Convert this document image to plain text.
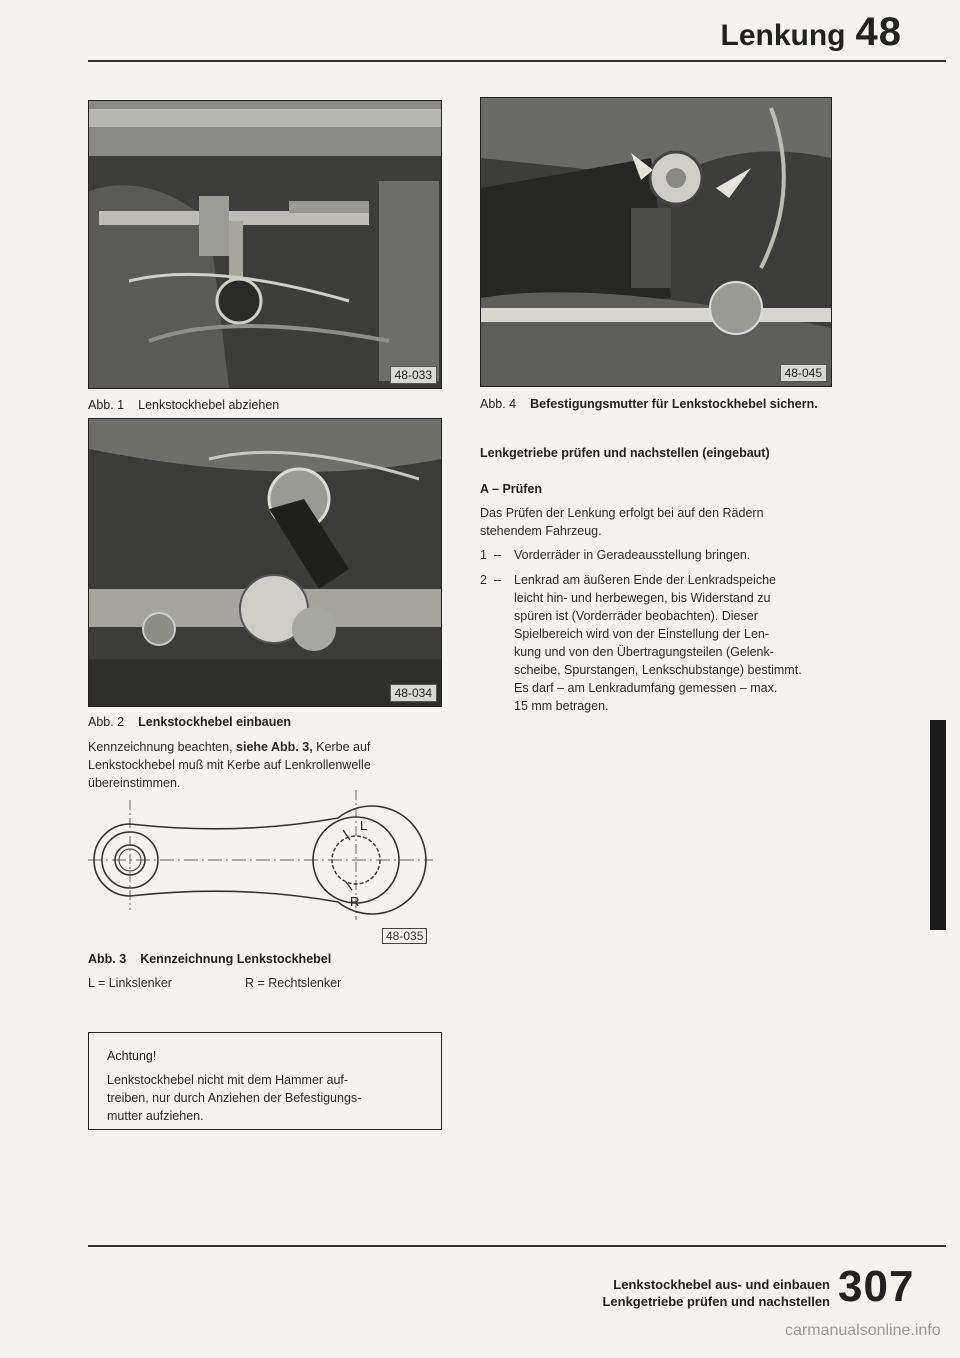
Lenkung 48
48-033
Abb. 1 Lenkstockhebel abziehen
48-034
Abb. 2 Lenkstockhebel einbauen
Kennzeichnung beachten, siehe Abb. 3, Kerbe auf
Lenkstockhebel muß mit Kerbe auf Lenkrollenwelle
übereinstimmen.
L
R
48-035
Abb. 3 Kennzeichnung Lenkstockhebel
L = Linkslenker	R = Rechtslenker
Achtung!
Lenkstockhebel nicht mit dem Hammer auf-
treiben, nur durch Anziehen der Befestigungs-
mutter aufziehen.
48-045
Abb. 4 Befestigungsmutter für Lenkstockhebel sichern.
Lenkgetriebe prüfen und nachstellen (eingebaut)
A – Prüfen
Das Prüfen der Lenkung erfolgt bei auf den Rädern
stehendem Fahrzeug.
1 – Vorderräder in Geradeausstellung bringen.
2 – Lenkrad am äußeren Ende der Lenkradspeiche
leicht hin- und herbewegen, bis Widerstand zu
spüren ist (Vorderräder beobachten). Dieser
Spielbereich wird von der Einstellung der Len-
kung und von den Übertragungsteilen (Gelenk-
scheibe, Spurstangen, Lenkschubstange) bestimmt.
Es darf – am Lenkradumfang gemessen – max.
15 mm betragen.
Lenkstockhebel aus- und einbauen
Lenkgetriebe prüfen und nachstellen 307
carmanualsonline.info
